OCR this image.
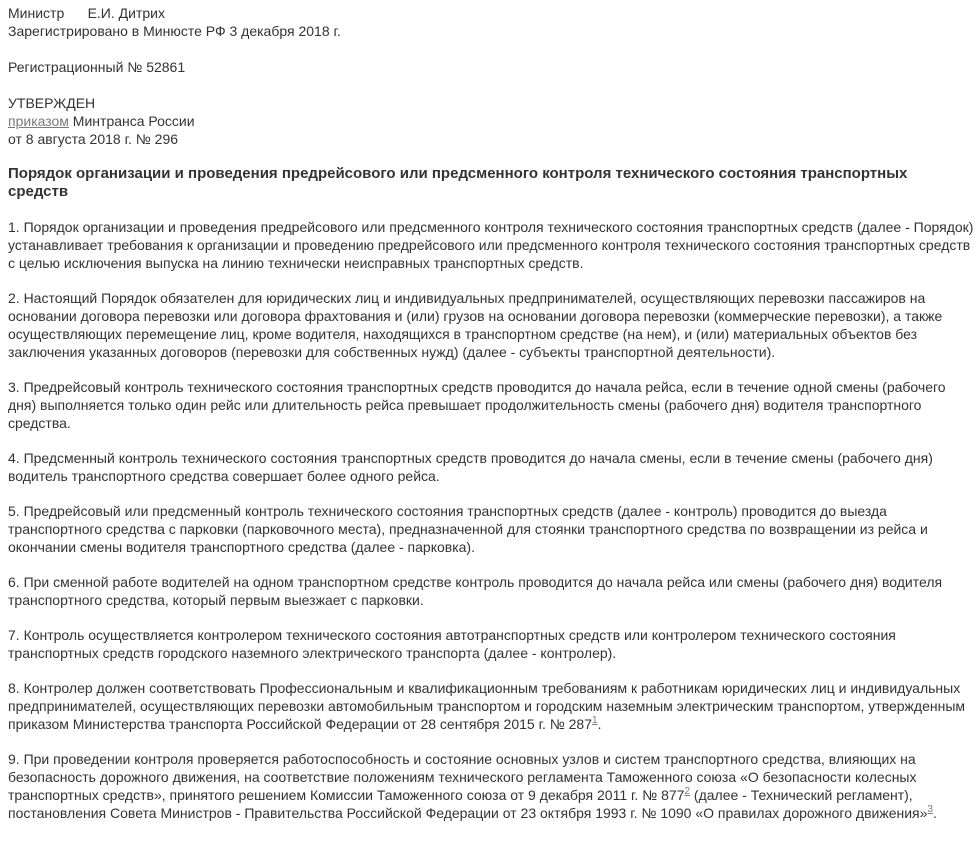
Министр      Е.И. Дитрих

Зарегистрировано в Минюсте РФ 3 декабря 2018 г.

Регистрационный № 52861

УТВЕРЖДЕН

приказом Минтранса России

от 8 августа 2018 г. № 296

Порядок организации и проведения предрейсового или предсменного контроля технического состояния транспортных средств

1. Порядок организации и проведения предрейсового или предсменного контроля технического состояния транспортных средств (далее - Порядок) устанавливает требования к организации и проведению предрейсового или предсменного контроля технического состояния транспортных средств с целью исключения выпуска на линию технически неисправных транспортных средств.

2. Настоящий Порядок обязателен для юридических лиц и индивидуальных предпринимателей, осуществляющих перевозки пассажиров на основании договора перевозки или договора фрахтования и (или) грузов на основании договора перевозки (коммерческие перевозки), а также осуществляющих перемещение лиц, кроме водителя, находящихся в транспортном средстве (на нем), и (или) материальных объектов без заключения указанных договоров (перевозки для собственных нужд) (далее - субъекты транспортной деятельности).

3. Предрейсовый контроль технического состояния транспортных средств проводится до начала рейса, если в течение одной смены (рабочего дня) выполняется только один рейс или длительность рейса превышает продолжительность смены (рабочего дня) водителя транспортного средства.

4. Предсменный контроль технического состояния транспортных средств проводится до начала смены, если в течение смены (рабочего дня) водитель транспортного средства совершает более одного рейса.

5. Предрейсовый или предсменный контроль технического состояния транспортных средств (далее - контроль) проводится до выезда транспортного средства с парковки (парковочного места), предназначенной для стоянки транспортного средства по возвращении из рейса и окончании смены водителя транспортного средства (далее - парковка).

6. При сменной работе водителей на одном транспортном средстве контроль проводится до начала рейса или смены (рабочего дня) водителя транспортного средства, который первым выезжает с парковки.

7. Контроль осуществляется контролером технического состояния автотранспортных средств или контролером технического состояния транспортных средств городского наземного электрического транспорта (далее - контролер).

8. Контролер должен соответствовать Профессиональным и квалификационным требованиям к работникам юридических лиц и индивидуальных предпринимателей, осуществляющих перевозки автомобильным транспортом и городским наземным электрическим транспортом, утвержденным приказом Министерства транспорта Российской Федерации от 28 сентября 2015 г. № 287$^1$.

9. При проведении контроля проверяется работоспособность и состояние основных узлов и систем транспортного средства, влияющих на безопасность дорожного движения, на соответствие положениям технического регламента Таможенного союза «О безопасности колесных транспортных средств», принятого решением Комиссии Таможенного союза от 9 декабря 2011 г. № 877$^2$ (далее - Технический регламент), постановления Совета Министров - Правительства Российской Федерации от 23 октября 1993 г. № 1090 «О правилах дорожного движения»$^3$.
